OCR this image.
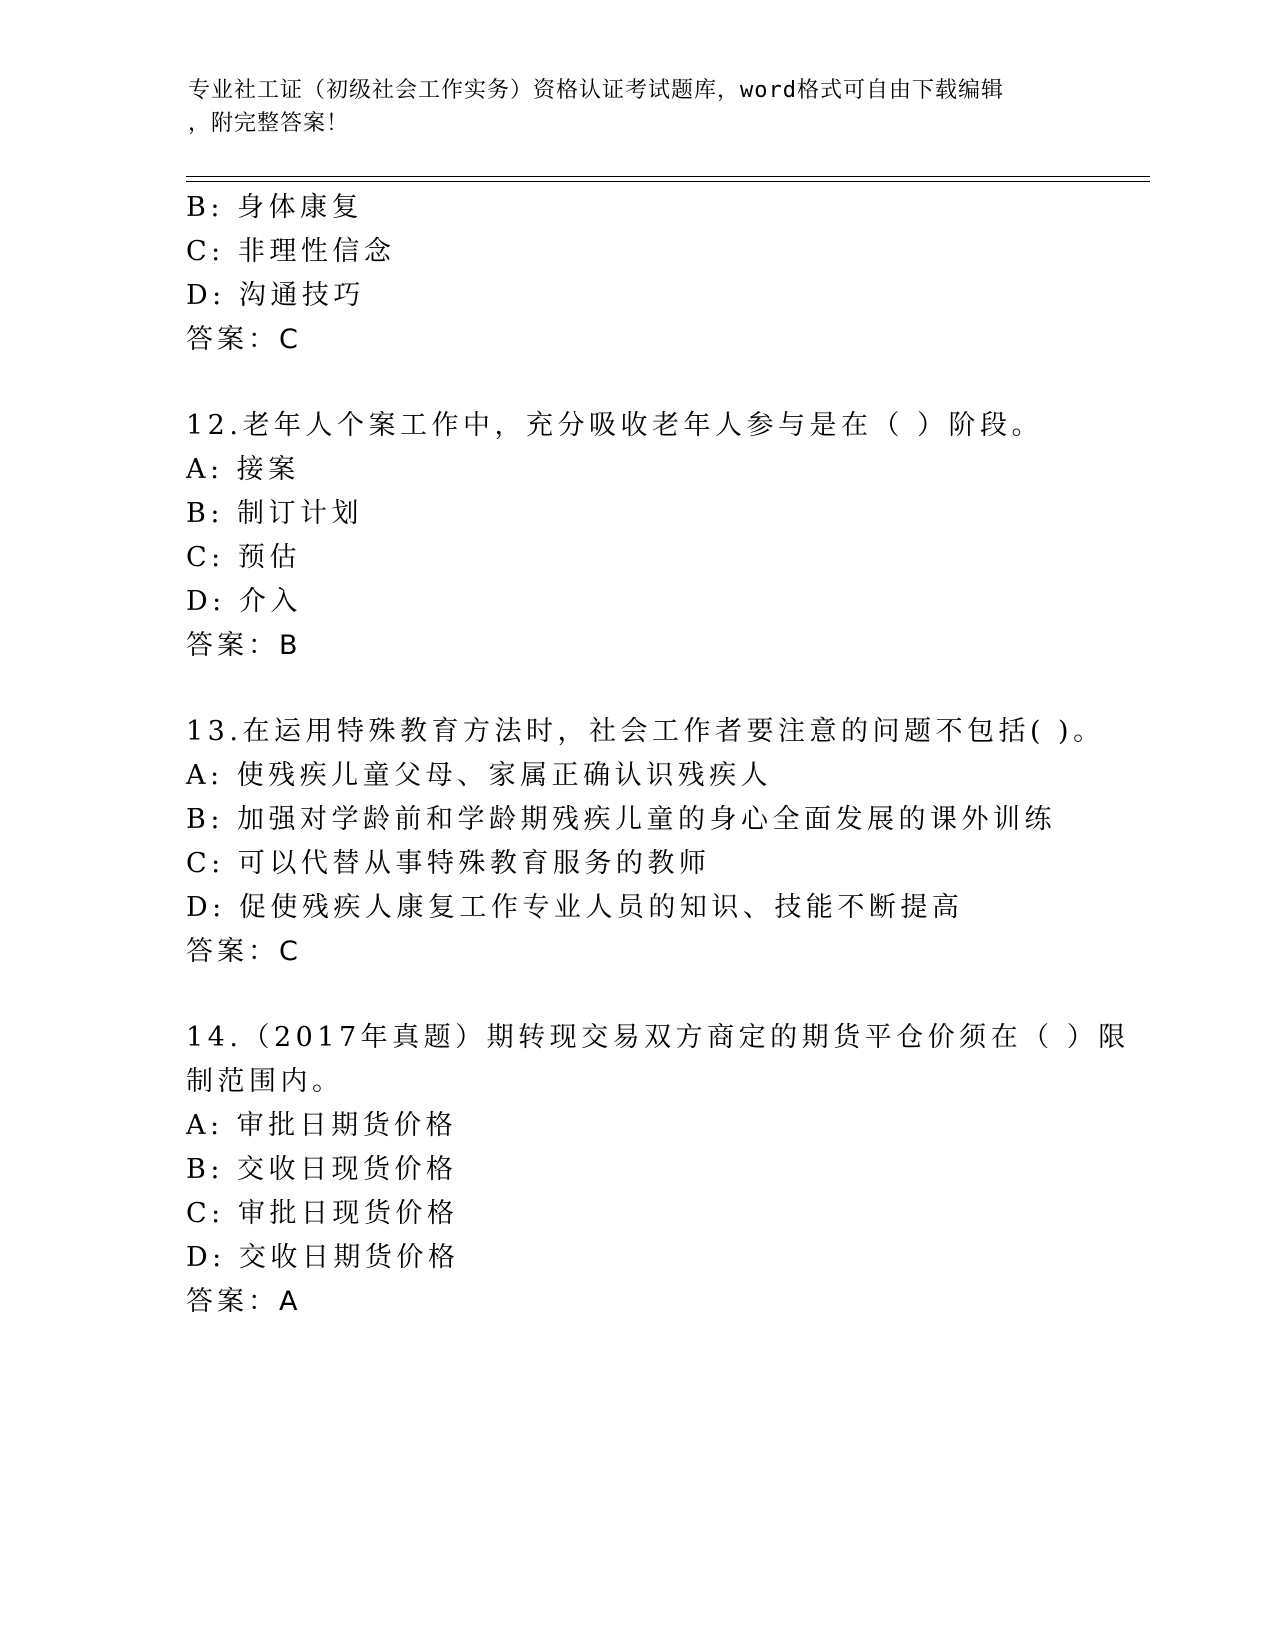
专业社工证（初级社会工作实务）资格认证考试题库，word格式可自由下载编辑
，附完整答案！
B: 身体康复
C: 非理性信念
D: 沟通技巧
答案：C
12.老年人个案工作中，充分吸收老年人参与是在（ ）阶段。
A: 接案
B: 制订计划
C: 预估
D: 介入
答案：B
13.在运用特殊教育方法时，社会工作者要注意的问题不包括( )。
A: 使残疾儿童父母、家属正确认识残疾人
B: 加强对学龄前和学龄期残疾儿童的身心全面发展的课外训练
C: 可以代替从事特殊教育服务的教师
D: 促使残疾人康复工作专业人员的知识、技能不断提高
答案：C
14.（2017年真题）期转现交易双方商定的期货平仓价须在（ ）限
制范围内。
A: 审批日期货价格
B: 交收日现货价格
C: 审批日现货价格
D: 交收日期货价格
答案：A
